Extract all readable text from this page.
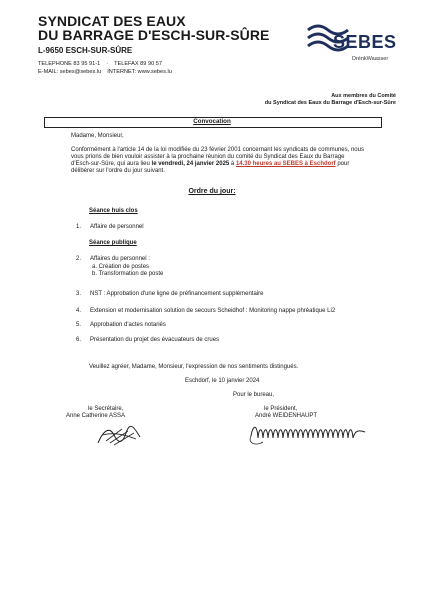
SYNDICAT DES EAUX
DU BARRAGE D'ESCH-SUR-SÛRE
L-9650 ESCH-SUR-SÛRE
TELEPHONE 83 95 91-1 · TELEFAX 89 90 57
E-MAIL: sebes@sebes.lu INTERNET: www.sebes.lu
SEBES
DrénkWaasser
Aux membres du Comité
du Syndicat des Eaux du Barrage d'Esch-sur-Sûre
Convocation
Madame, Monsieur,
Conformément à l'article 14 de la loi modifiée du 23 février 2001 concernant les syndicats de communes, nous
vous prions de bien vouloir assister à la prochaine réunion du comité du Syndicat des Eaux du Barrage
d'Esch-sur-Sûre, qui aura lieu le vendredi, 24 janvier 2025 à 14.30 heures au SEBES à Eschdorf pour
délibérer sur l'ordre du jour suivant.
Ordre du jour:
Séance huis clos
1. Affaire de personnel
Séance publique
2. Affaires du personnel :
a. Création de postes
b. Transformation de poste
3. NST : Approbation d'une ligne de préfinancement supplémentaire
4. Extension et modernisation solution de secours Scheidhof : Monitoring nappe phréatique Li2
5. Approbation d'actes notariés
6. Présentation du projet des évacuateurs de crues
Veuillez agréer, Madame, Monsieur, l'expression de nos sentiments distingués.
Eschdorf, le 10 janvier 2024
Pour le bureau,
le Secrétaire,
Anne Catherine ASSA
le Président,
André WEIDENHAUPT
